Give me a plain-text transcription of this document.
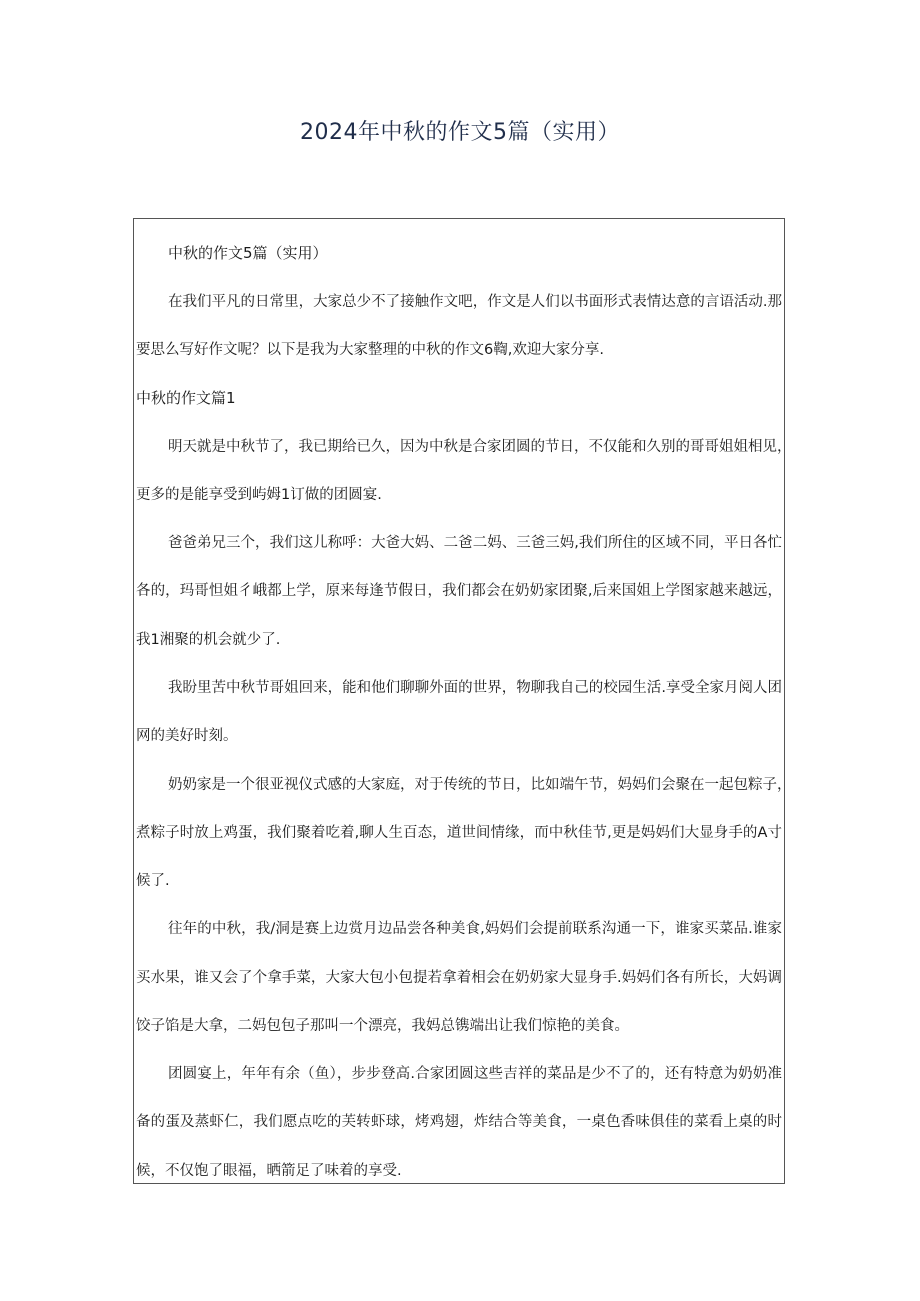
2024年中秋的作文5篇（实用）
中秋的作文5篇（实用）
在我们平凡的日常里，大家总少不了接触作文吧，作文是人们以书面形式表情达意的言语活动.那
要思么写好作文呢？以下是我为大家整理的中秋的作文6鞫,欢迎大家分享.
中秋的作文篇1
明天就是中秋节了，我已期给已久，因为中秋是合家团圆的节日，不仅能和久别的哥哥姐姐相见，
更多的是能享受到屿姆1订做的团圆宴.
爸爸弟兄三个，我们这儿称呼：大爸大妈、二爸二妈、三爸三妈,我们所住的区域不同，平日各忙
各的，玛哥怛姐彳峨都上学，原来每逢节假日，我们都会在奶奶家团聚,后来国姐上学图家越来越远，
我1湘聚的机会就少了.
我盼里苦中秋节哥姐回来，能和他们聊聊外面的世界，物聊我自己的校园生活.享受全家月阅人团
网的美好时刻。
奶奶家是一个很亚视仪式感的大家庭，对于传统的节日，比如端午节，妈妈们会聚在一起包粽子，
煮粽子时放上鸡蛋，我们聚着吃着,聊人生百态，道世间情缘，而中秋佳节,更是妈妈们大显身手的A寸
候了.
往年的中秋，我/洞是赛上边赏月边品尝各种美食,妈妈们会提前联系沟通一下，谁家买菜品.谁家
买水果，谁又会了个拿手菜，大家大包小包提若拿着相会在奶奶家大显身手.妈妈们各有所长，大妈调
饺子馅是大拿，二妈包包子那叫一个漂亮，我妈总镌端出让我们惊艳的美食。
团圆宴上，年年有余（鱼），步步登高.合家团圆这些吉祥的菜品是少不了的，还有特意为奶奶准
备的蛋及蒸虾仁，我们愿点吃的芙转虾球，烤鸡翅，炸结合等美食，一桌色香味俱佳的菜看上桌的时
候，不仅饱了眼福，晒箭足了味着的享受.
